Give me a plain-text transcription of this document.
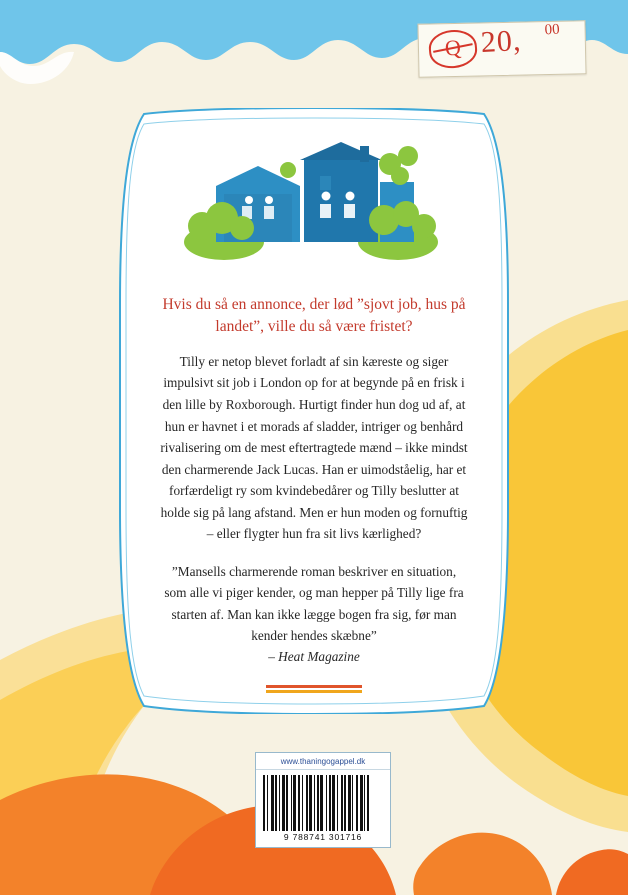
Q 20, 00
Hvis du så en annonce, der lød ”sjovt job, hus på landet”, ville du så være fristet?
Tilly er netop blevet forladt af sin kæreste og siger impulsivt sit job i London op for at begynde på en frisk i den lille by Roxborough. Hurtigt finder hun dog ud af, at hun er havnet i et morads af sladder, intriger og benhård rivalisering om de mest eftertragtede mænd – ikke mindst den charmerende Jack Lucas. Han er uimodståelig, har et forfærdeligt ry som kvindebedårer og Tilly beslutter at holde sig på lang afstand. Men er hun moden og fornuftig – eller flygter hun fra sit livs kærlighed?
”Mansells charmerende roman beskriver en situation, som alle vi piger kender, og man hepper på Tilly lige fra starten af. Man kan ikke lægge bogen fra sig, før man kender hendes skæbne”
– Heat Magazine
www.thaningogappel.dk
9 788741 301716
